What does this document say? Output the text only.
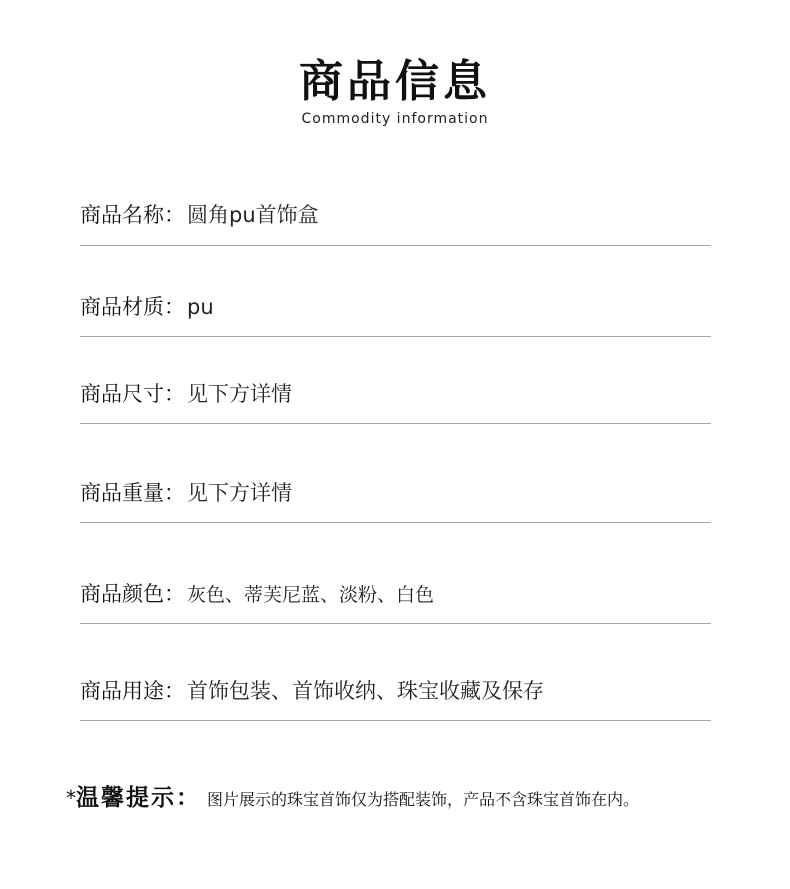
商品信息
Commodity information
商品名称：圆角pu首饰盒
商品材质：pu
商品尺寸：见下方详情
商品重量：见下方详情
商品颜色： 灰色、蒂芙尼蓝、淡粉、白色
商品用途：首饰包装、首饰收纳、珠宝收藏及保存
*温馨提示： 图片展示的珠宝首饰仅为搭配装饰，产品不含珠宝首饰在内。
